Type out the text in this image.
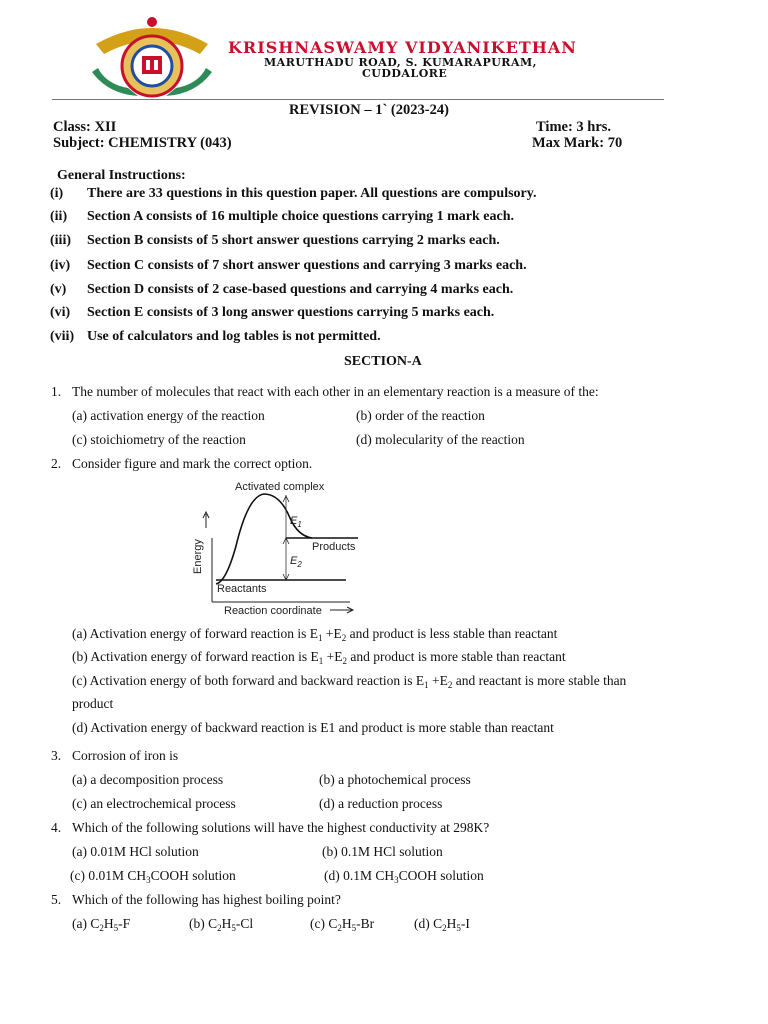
KRISHNASWAMY VIDYANIKETHAN
MARUTHADU ROAD, S. KUMARAPURAM,
CUDDALORE
REVISION – 1` (2023-24)
Class: XII	Time: 3 hrs.
Subject: CHEMISTRY (043)	Max Mark: 70
General Instructions:
(i) There are 33 questions in this question paper. All questions are compulsory.
(ii) Section A consists of 16 multiple choice questions carrying 1 mark each.
(iii) Section B consists of 5 short answer questions carrying 2 marks each.
(iv) Section C consists of 7 short answer questions and carrying 3 marks each.
(v) Section D consists of 2 case-based questions and carrying 4 marks each.
(vi) Section E consists of 3 long answer questions carrying 5 marks each.
(vii) Use of calculators and log tables is not permitted.
SECTION-A
1. The number of molecules that react with each other in an elementary reaction is a measure of the:
(a) activation energy of the reaction	(b) order of the reaction
(c) stoichiometry of the reaction	(d) molecularity of the reaction
2. Consider figure and mark the correct option.
Activated complex
Energy
$E_1$
$E_2$
Products
Reactants
Reaction coordinate
(a) Activation energy of forward reaction is $E_1 +E_2$ and product is less stable than reactant
(b) Activation energy of forward reaction is $E_1 +E_2$ and product is more stable than reactant
(c) Activation energy of both forward and backward reaction is $E_1 +E_2$ and reactant is more stable than
product
(d) Activation energy of backward reaction is E1 and product is more stable than reactant
3. Corrosion of iron is
(a) a decomposition process	(b) a photochemical process
(c) an electrochemical process	(d) a reduction process
4. Which of the following solutions will have the highest conductivity at 298K?
(a) 0.01M HCl solution	(b) 0.1M HCl solution
(c) 0.01M $CH_3COOH$ solution	(d) 0.1M $CH_3COOH$ solution
5. Which of the following has highest boiling point?
(a) $C_2H_5-F$	(b) $C_2H_5-Cl$	(c) $C_2H_5-Br$	(d) $C_2H_5-I$
